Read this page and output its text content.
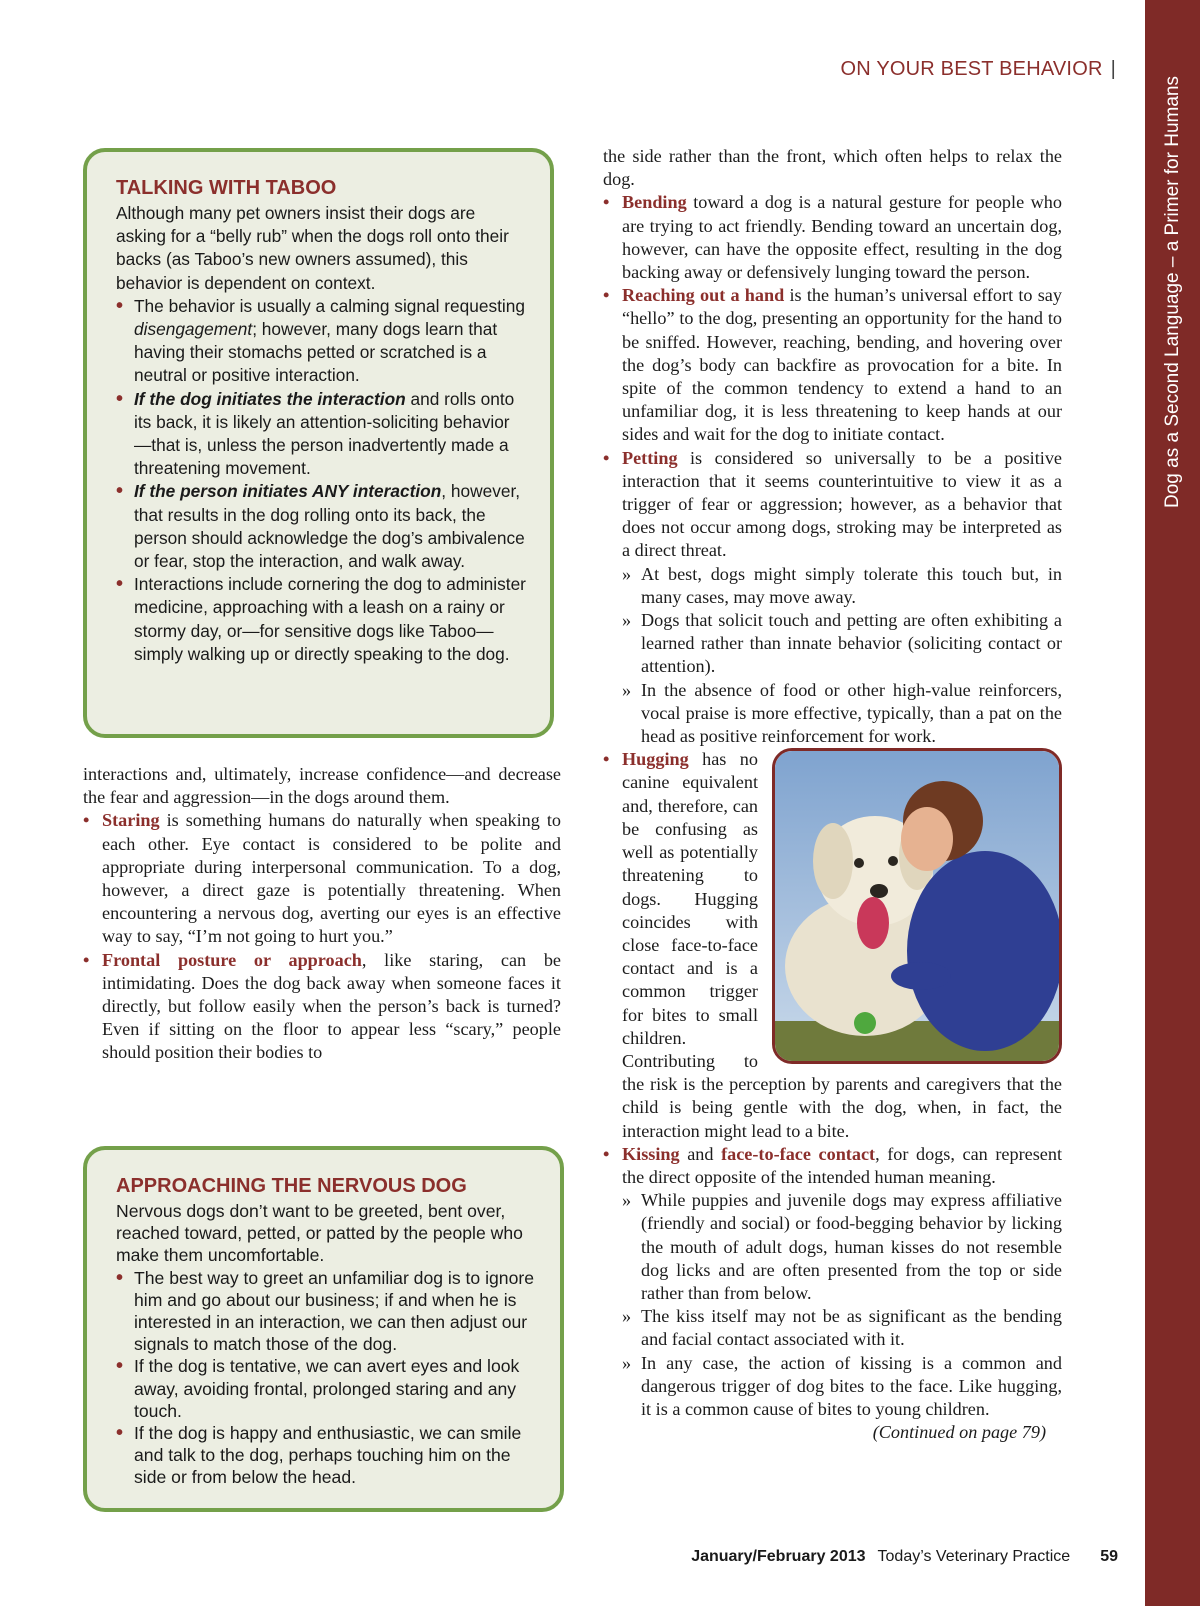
Dog as a Second Language – a Primer for Humans
ON YOUR BEST BEHAVIOR |
TALKING WITH TABOO

Although many pet owners insist their dogs are asking for a “belly rub” when the dogs roll onto their backs (as Taboo’s new owners assumed), this behavior is dependent on context.

• The behavior is usually a calming signal requesting disengagement; however, many dogs learn that having their stomachs petted or scratched is a neutral or positive interaction.
• If the dog initiates the interaction and rolls onto its back, it is likely an attention-soliciting behavior—that is, unless the person inadvertently made a threatening movement.
• If the person initiates ANY interaction, however, that results in the dog rolling onto its back, the person should acknowledge the dog’s ambivalence or fear, stop the interaction, and walk away.
• Interactions include cornering the dog to administer medicine, approaching with a leash on a rainy or stormy day, or—for sensitive dogs like Taboo—simply walking up or directly speaking to the dog.

interactions and, ultimately, increase confidence—and decrease the fear and aggression—in the dogs around them.

• Staring is something humans do naturally when speaking to each other. Eye contact is considered to be polite and appropriate during interpersonal communication. To a dog, however, a direct gaze is potentially threatening. When encountering a nervous dog, averting our eyes is an effective way to say, “I’m not going to hurt you.”
• Frontal posture or approach, like staring, can be intimidating. Does the dog back away when someone faces it directly, but follow easily when the person’s back is turned? Even if sitting on the floor to appear less “scary,” people should position their bodies to
APPROACHING THE NERVOUS DOG

Nervous dogs don’t want to be greeted, bent over, reached toward, petted, or patted by the people who make them uncomfortable.

• The best way to greet an unfamiliar dog is to ignore him and go about our business; if and when he is interested in an interaction, we can then adjust our signals to match those of the dog.
• If the dog is tentative, we can avert eyes and look away, avoiding frontal, prolonged staring and any touch.
• If the dog is happy and enthusiastic, we can smile and talk to the dog, perhaps touching him on the side or from below the head.

the side rather than the front, which often helps to relax the dog.

• Bending toward a dog is a natural gesture for people who are trying to act friendly. Bending toward an uncertain dog, however, can have the opposite effect, resulting in the dog backing away or defensively lunging toward the person.
• Reaching out a hand is the human’s universal effort to say “hello” to the dog, presenting an opportunity for the hand to be sniffed. However, reaching, bending, and hovering over the dog’s body can backfire as provocation for a bite. In spite of the common tendency to extend a hand to an unfamiliar dog, it is less threatening to keep hands at our sides and wait for the dog to initiate contact.
• Petting is considered so universally to be a positive interaction that it seems counterintuitive to view it as a trigger of fear or aggression; however, as a behavior that does not occur among dogs, stroking may be interpreted as a direct threat.
» At best, dogs might simply tolerate this touch but, in many cases, may move away.
» Dogs that solicit touch and petting are often exhibiting a learned rather than innate behavior (soliciting contact or attention).
» In the absence of food or other high-value reinforcers, vocal praise is more effective, typically, than a pat on the head as positive reinforcement for work.
• Hugging
has no canine equivalent and, therefore, can be confusing as well as potentially threatening to dogs. Hugging coincides with close face-to-face contact and is a common trigger for bites to small children. Contributing to the risk is the perception by parents and caregivers that the child is being gentle with the dog, when, in fact, the interaction might lead to a bite.
• Kissing and face-to-face contact, for dogs, can represent the direct opposite of the intended human meaning.
» While puppies and juvenile dogs may express affiliative (friendly and social) or food-begging behavior by licking the mouth of adult dogs, human kisses do not resemble dog licks and are often presented from the top or side rather than from below.
» The kiss itself may not be as significant as the bending and facial contact associated with it.
» In any case, the action of kissing is a common and dangerous trigger of dog bites to the face. Like hugging, it is a common cause of bites to young children.

(Continued on page 79)

January/February 2013 Today’s Veterinary Practice 59
